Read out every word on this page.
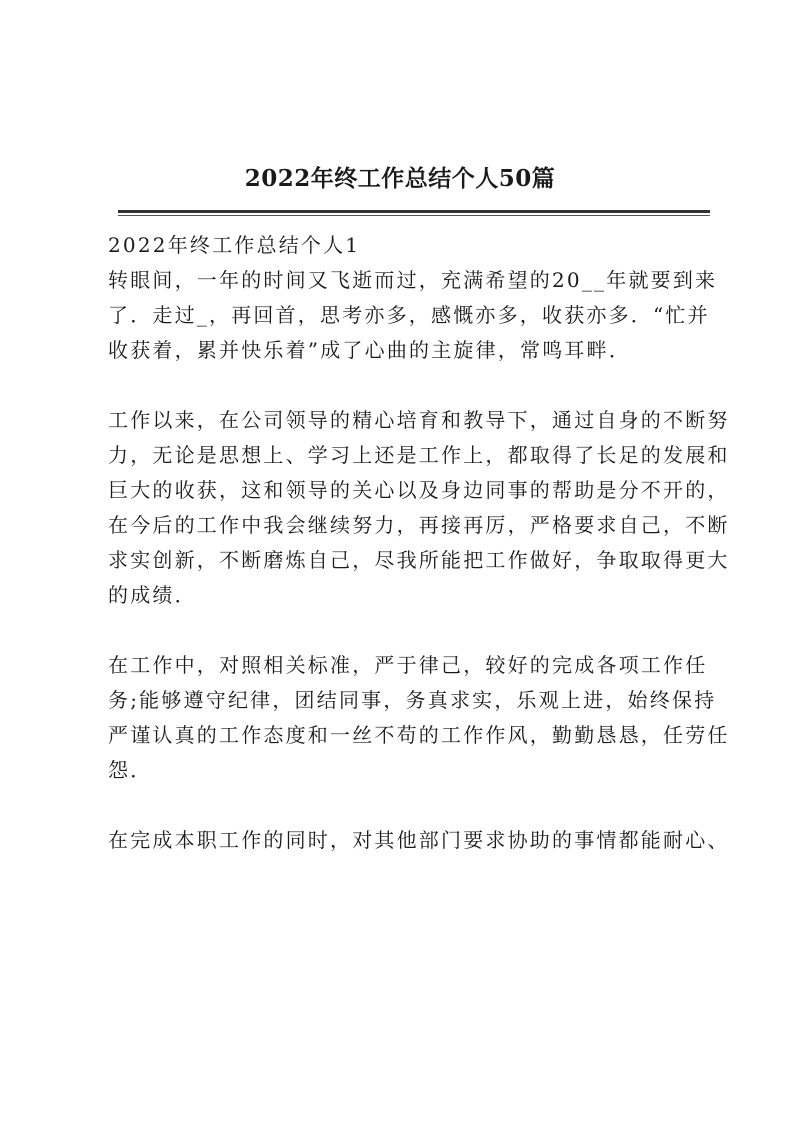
2022年终工作总结个人50篇
2022年终工作总结个人1
转眼间，一年的时间又飞逝而过，充满希望的20__年就要到来
了．走过_，再回首，思考亦多，感慨亦多，收获亦多．“忙并
收获着，累并快乐着”成了心曲的主旋律，常鸣耳畔．
工作以来，在公司领导的精心培育和教导下，通过自身的不断努
力，无论是思想上、学习上还是工作上，都取得了长足的发展和
巨大的收获，这和领导的关心以及身边同事的帮助是分不开的，
在今后的工作中我会继续努力，再接再厉，严格要求自己，不断
求实创新，不断磨炼自己，尽我所能把工作做好，争取取得更大
的成绩．
在工作中，对照相关标准，严于律己，较好的完成各项工作任
务;能够遵守纪律，团结同事，务真求实，乐观上进，始终保持
严谨认真的工作态度和一丝不苟的工作作风，勤勤恳恳，任劳任
怨．
在完成本职工作的同时，对其他部门要求协助的事情都能耐心、
